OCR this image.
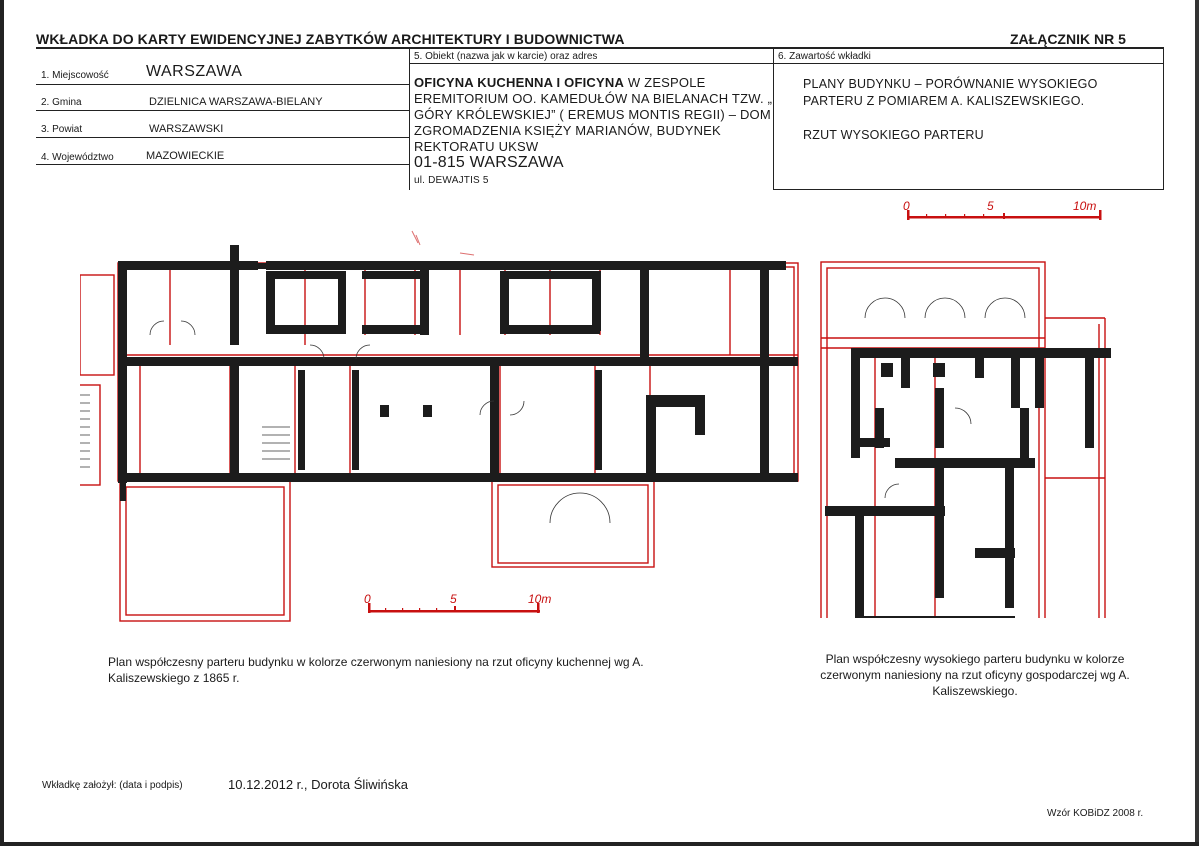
WKŁADKA DO KARTY EWIDENCYJNEJ ZABYTKÓW ARCHITEKTURY I BUDOWNICTWA	ZAŁĄCZNIK NR 5
1. Miejscowość WARSZAWA
2. Gmina	DZIELNICA WARSZAWA-BIELANY
3. Powiat	WARSZAWSKI
4. Województwo	MAZOWIECKIE
5. Obiekt (nazwa jak w karcie) oraz adres
OFICYNA KUCHENNA I OFICYNA W ZESPOLE EREMITORIUM OO. KAMEDUŁÓW NA BIELANACH TZW. „ GÓRY KRÓLEWSKIEJ” ( EREMUS MONTIS REGII) – DOM ZGROMADZENIA KSIĘŻY MARIANÓW, BUDYNEK REKTORATU UKSW
01-815 WARSZAWA
ul. DEWAJTIS 5
6. Zawartość wkładki
PLANY BUDYNKU – PORÓWNANIE WYSOKIEGO PARTERU Z POMIAREM A. KALISZEWSKIEGO.
RZUT WYSOKIEGO PARTERU
0	5	10m
0	5	10m
Plan współczesny parteru budynku w kolorze czerwonym naniesiony na rzut oficyny kuchennej wg A. Kaliszewskiego z 1865 r.
Plan współczesny wysokiego parteru budynku w kolorze czerwonym naniesiony na rzut oficyny gospodarczej wg A. Kaliszewskiego.
Wkładkę założył: (data i podpis)	10.12.2012 r., Dorota Śliwińska
Wzór KOBiDZ 2008 r.
